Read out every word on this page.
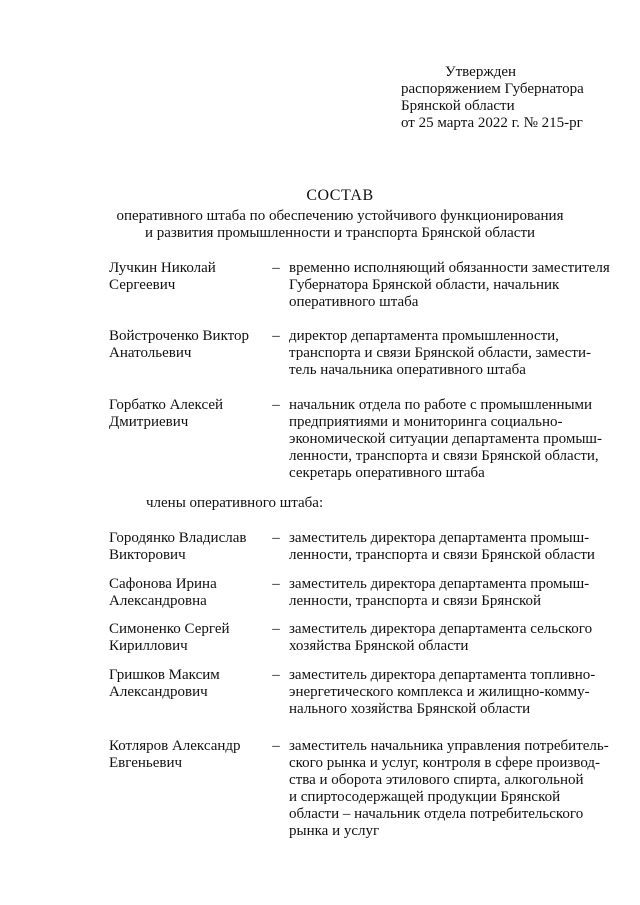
Утвержден
распоряжением Губернатора
Брянской области
от 25 марта 2022 г. № 215-рг
СОСТАВ
оперативного штаба по обеспечению устойчивого функционирования
и развития промышленности и транспорта Брянской области
Лучкин Николай
Сергеевич
– временно исполняющий обязанности заместителя
Губернатора Брянской области, начальник
оперативного штаба
Войстроченко Виктор
Анатольевич
– директор департамента промышленности,
транспорта и связи Брянской области, замести-
тель начальника оперативного штаба
Горбатко Алексей
Дмитриевич
– начальник отдела по работе с промышленными
предприятиями и мониторинга социально-
экономической ситуации департамента промыш-
ленности, транспорта и связи Брянской области,
секретарь оперативного штаба
члены оперативного штаба:
Городянко Владислав
Викторович
– заместитель директора департамента промыш-
ленности, транспорта и связи Брянской области
Сафонова Ирина
Александровна
– заместитель директора департамента промыш-
ленности, транспорта и связи Брянской
Симоненко Сергей
Кириллович
– заместитель директора департамента сельского
хозяйства Брянской области
Гришков Максим
Александрович
– заместитель директора департамента топливно-
энергетического комплекса и жилищно-комму-
нального хозяйства Брянской области
Котляров Александр
Евгеньевич
– заместитель начальника управления потребитель-
ского рынка и услуг, контроля в сфере производ-
ства и оборота этилового спирта, алкогольной
и спиртосодержащей продукции Брянской
области – начальник отдела потребительского
рынка и услуг
